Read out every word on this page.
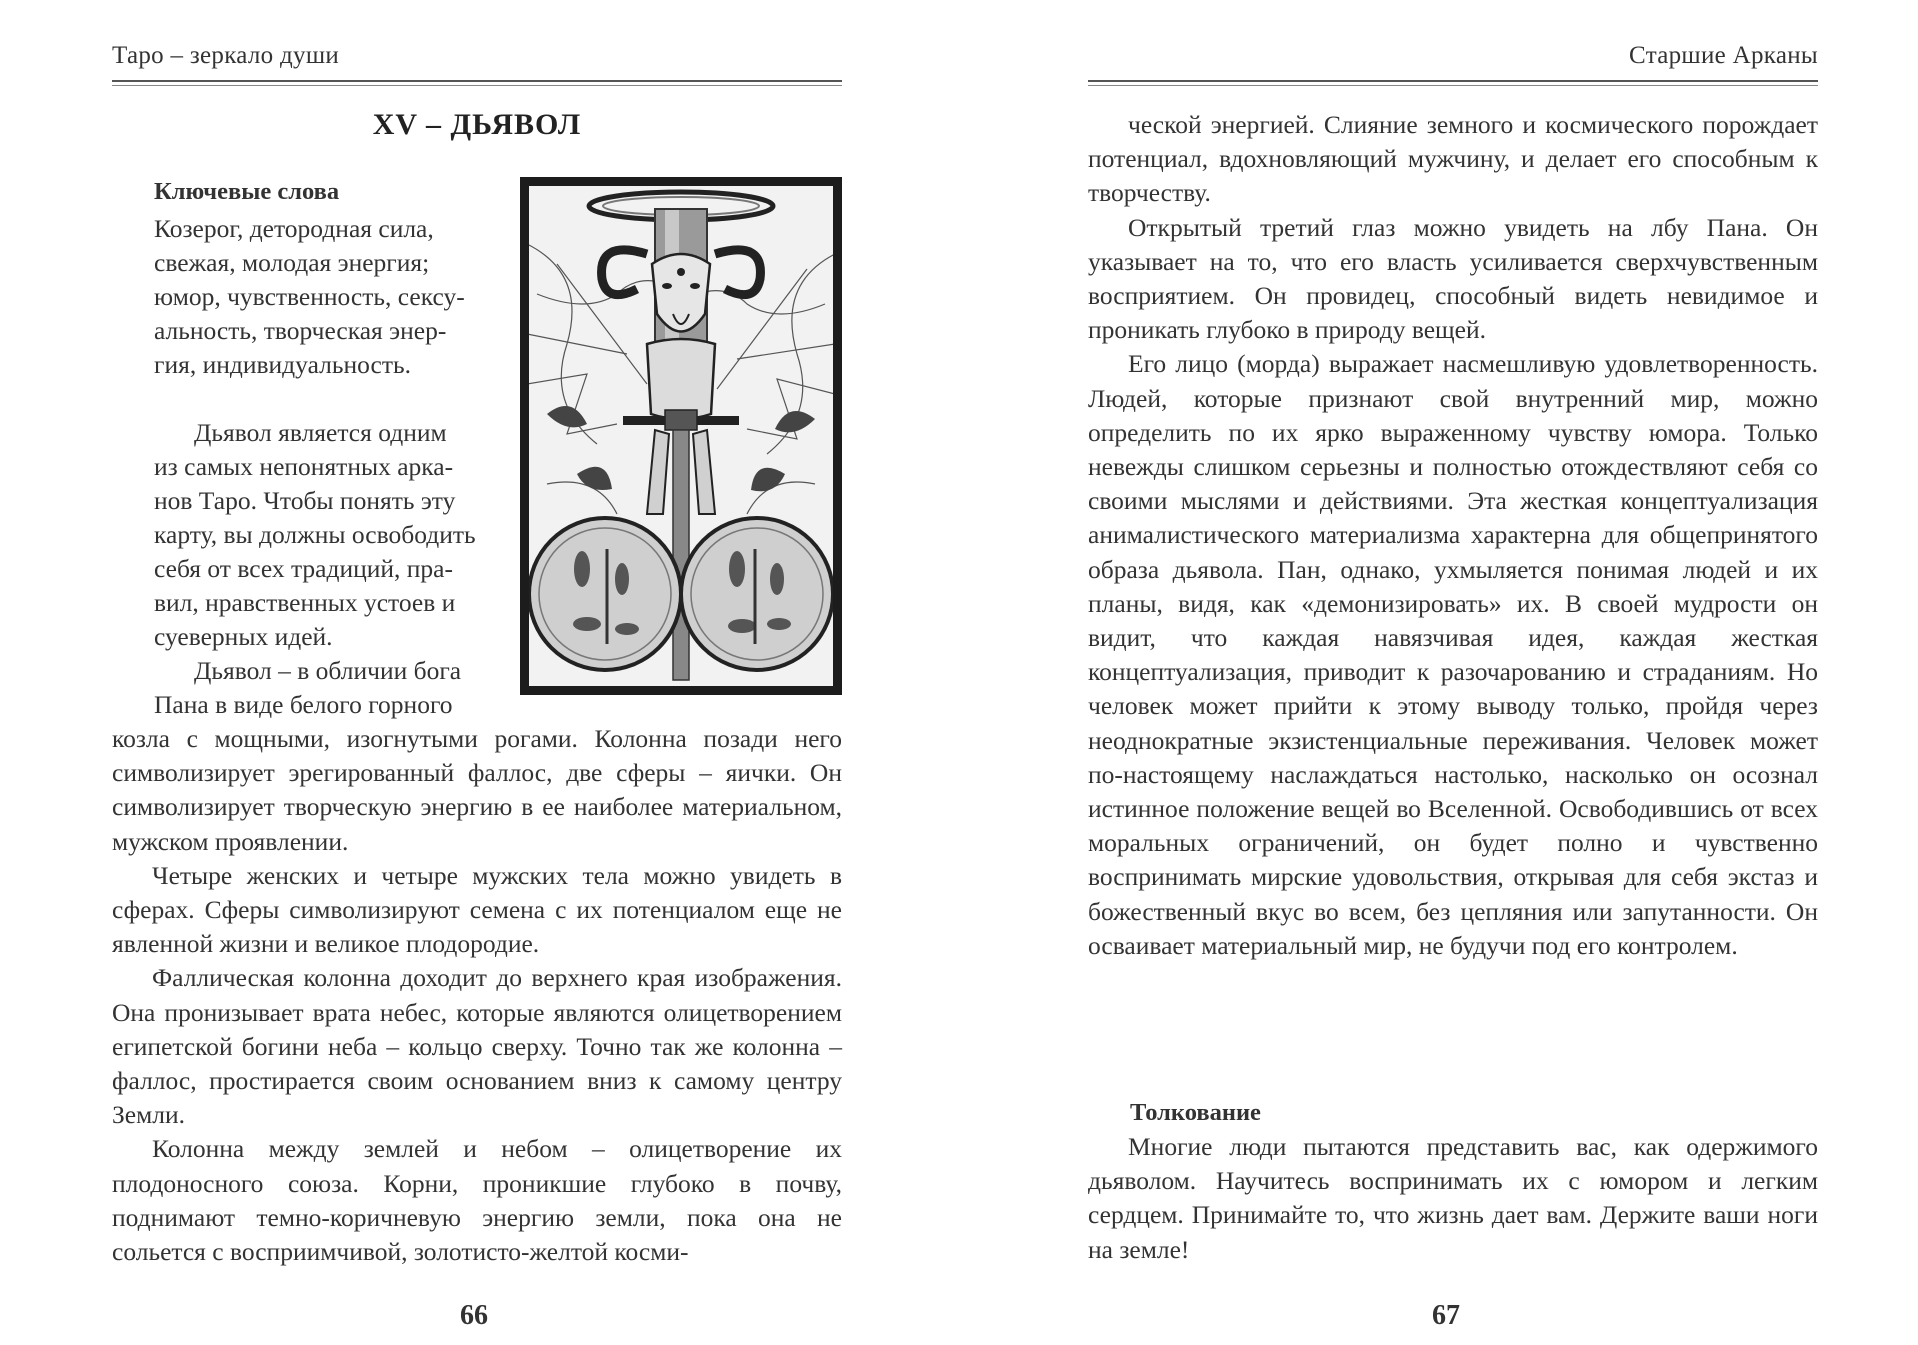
Таро – зеркало души
XV – ДЬЯВОЛ
Ключевые слова

Козерог, детородная сила,

свежая, молодая энергия;

юмор, чувственность, сексу-

альность, творческая энер-

гия, индивидуальность.

Дьявол является одним

из самых непонятных арка-

нов Таро. Чтобы понять эту

карту, вы должны освободить

себя от всех традиций, пра-

вил, нравственных устоев и

суеверных идей.

Дьявол – в обличии бога

Пана в виде белого горного

козла с мощными, изогнутыми рогами. Колонна позади него символизирует эрегированный фаллос, две сферы – яички. Он символизирует творческую энергию в ее наиболее материальном, мужском проявлении.

Четыре женских и четыре мужских тела можно увидеть в сферах. Сферы символизируют семена с их потенциалом еще не явленной жизни и великое плодородие.

Фаллическая колонна доходит до верхнего края изображения. Она пронизывает врата небес, которые являются олицетворением египетской богини неба – кольцо сверху. Точно так же колонна – фаллос, простирается своим основанием вниз к самому центру Земли.

Колонна между землей и небом – олицетворение их плодоносного союза. Корни, проникшие глубоко в почву, поднимают темно-коричневую энергию земли, пока она не сольется с восприимчивой, золотисто-желтой косми-

66
Старшие Арканы

ческой энергией. Слияние земного и космического порождает потенциал, вдохновляющий мужчину, и делает его способным к творчеству.

Открытый третий глаз можно увидеть на лбу Пана. Он указывает на то, что его власть усиливается сверхчувственным восприятием. Он провидец, способный видеть невидимое и проникать глубоко в природу вещей.

Его лицо (морда) выражает насмешливую удовлетворенность. Людей, которые признают свой внутренний мир, можно определить по их ярко выраженному чувству юмора. Только невежды слишком серьезны и полностью отождествляют себя со своими мыслями и действиями. Эта жесткая концептуализация анималистического материализма характерна для общепринятого образа дьявола. Пан, однако, ухмыляется понимая людей и их планы, видя, как «демонизировать» их. В своей мудрости он видит, что каждая навязчивая идея, каждая жесткая концептуализация, приводит к разочарованию и страданиям. Но человек может прийти к этому выводу только, пройдя через неоднократные экзистенциальные переживания. Человек может по-настоящему наслаждаться настолько, насколько он осознал истинное положение вещей во Вселенной. Освободившись от всех моральных ограничений, он будет полно и чувственно воспринимать мирские удовольствия, открывая для себя экстаз и божественный вкус во всем, без цепляния или запутанности. Он осваивает материальный мир, не будучи под его контролем.

Толкование

Многие люди пытаются представить вас, как одержимого дьяволом. Научитесь воспринимать их с юмором и легким сердцем. Принимайте то, что жизнь дает вам. Держите ваши ноги на земле!

67
